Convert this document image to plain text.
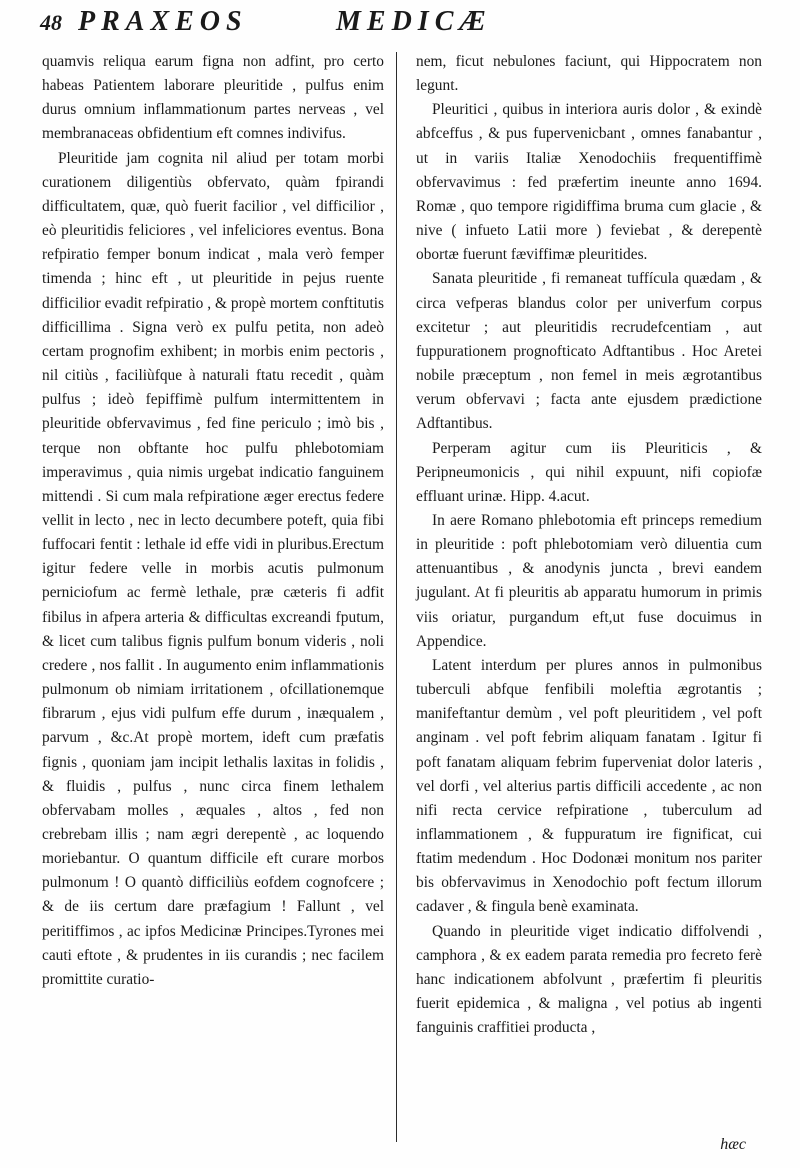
48 PRAXEOS	MEDICÆ

quamvis reliqua earum figna non adfint, pro certo habeas Patientem laborare pleuritide , pulfus enim durus omnium inflammationum partes nerveas , vel membranaceas obfidentium eft comnes indivifus.

Pleuritide jam cognita nil aliud per totam morbi curationem diligentiùs obfervato, quàm fpirandi difficultatem, quæ, quò fuerit facilior , vel difficilior , eò pleuritidis feliciores , vel infeliciores eventus. Bona refpiratio femper bonum indicat , mala verò femper timenda ; hinc eft , ut pleuritide in pejus ruente difficilior evadit refpiratio , & propè mortem conftitutis difficillima . Signa verò ex pulfu petita, non adeò certam prognofim exhibent; in morbis enim pectoris , nil citiùs , faciliùfque à naturali ftatu recedit , quàm pulfus ; ideò fepiffimè pulfum intermittentem in pleuritide obfervavimus , fed fine periculo ; imò bis , terque non obftante hoc pulfu phlebotomiam imperavimus , quia nimis urgebat indicatio fanguinem mittendi . Si cum mala refpiratione æger erectus federe vellit in lecto , nec in lecto decumbere poteft, quia fibi fuffocari fentit : lethale id effe vidi in pluribus.Erectum igitur federe velle in morbis acutis pulmonum perniciofum ac fermè lethale, præ cæteris fi adfit fibilus in afpera arteria & difficultas excreandi fputum, & licet cum talibus fignis pulfum bonum videris , noli credere , nos fallit . In augumento enim inflammationis pulmonum ob nimiam irritationem , ofcillationemque fibrarum , ejus vidi pulfum effe durum , inæqualem , parvum , &c.At propè mortem, ideft cum præfatis fignis , quoniam jam incipit lethalis laxitas in folidis , & fluidis , pulfus , nunc circa finem lethalem obfervabam molles , æquales , altos , fed non crebrebam illis ; nam ægri derepentè , ac loquendo moriebantur. O quantum difficile eft curare morbos pulmonum ! O quantò difficiliùs eofdem cognofcere ; & de iis certum dare præfagium ! Fallunt , vel peritiffimos , ac ipfos Medicinæ Principes.Tyrones mei cauti eftote , & prudentes in iis curandis ; nec facilem promittite curatio-

nem, ficut nebulones faciunt, qui Hippocratem non legunt.

Pleuritici , quibus in interiora auris dolor , & exindè abfceffus , & pus fupervenicbant , omnes fanabantur , ut in variis Italiæ Xenodochiis frequentiffimè obfervavimus : fed præfertim ineunte anno 1694. Romæ , quo tempore rigidiffima bruma cum glacie , & nive ( infueto Latii more ) feviebat , & derepentè obortæ fuerunt fæviffimæ pleuritides.

Sanata pleuritide , fi remaneat tuffícula quædam , & circa vefperas blandus color per univerfum corpus excitetur ; aut pleuritidis recrudefcentiam , aut fuppurationem prognofticato Adftantibus . Hoc Aretei nobile præceptum , non femel in meis ægrotantibus verum obfervavi ; facta ante ejusdem prædictione Adftantibus.

Perperam agitur cum iis Pleuriticis , & Peripneumonicis , qui nihil expuunt, nifi copiofæ effluant urinæ. Hipp. 4.acut.

In aere Romano phlebotomia eft princeps remedium in pleuritide : poft phlebotomiam verò diluentia cum attenuantibus , & anodynis juncta , brevi eandem jugulant. At fi pleuritis ab apparatu humorum in primis viis oriatur, purgandum eft,ut fuse docuimus in Appendice.

Latent interdum per plures annos in pulmonibus tuberculi abfque fenfibili moleftia ægrotantis ; manifeftantur demùm , vel poft pleuritidem , vel poft anginam . vel poft febrim aliquam fanatam . Igitur fi poft fanatam aliquam febrim fuperveniat dolor lateris , vel dorfi , vel alterius partis difficili accedente , ac non nifi recta cervice refpiratione , tuberculum ad inflammationem , & fuppuratum ire fignificat, cui ftatim medendum . Hoc Dodonæi monitum nos pariter bis obfervavimus in Xenodochio poft fectum illorum cadaver , & fingula benè examinata.

Quando in pleuritide viget indicatio diffolvendi , camphora , & ex eadem parata remedia pro fecreto ferè hanc indicationem abfolvunt , præfertim fi pleuritis fuerit epidemica , & maligna , vel potius ab ingenti fanguinis craffitiei producta ,

hæc
